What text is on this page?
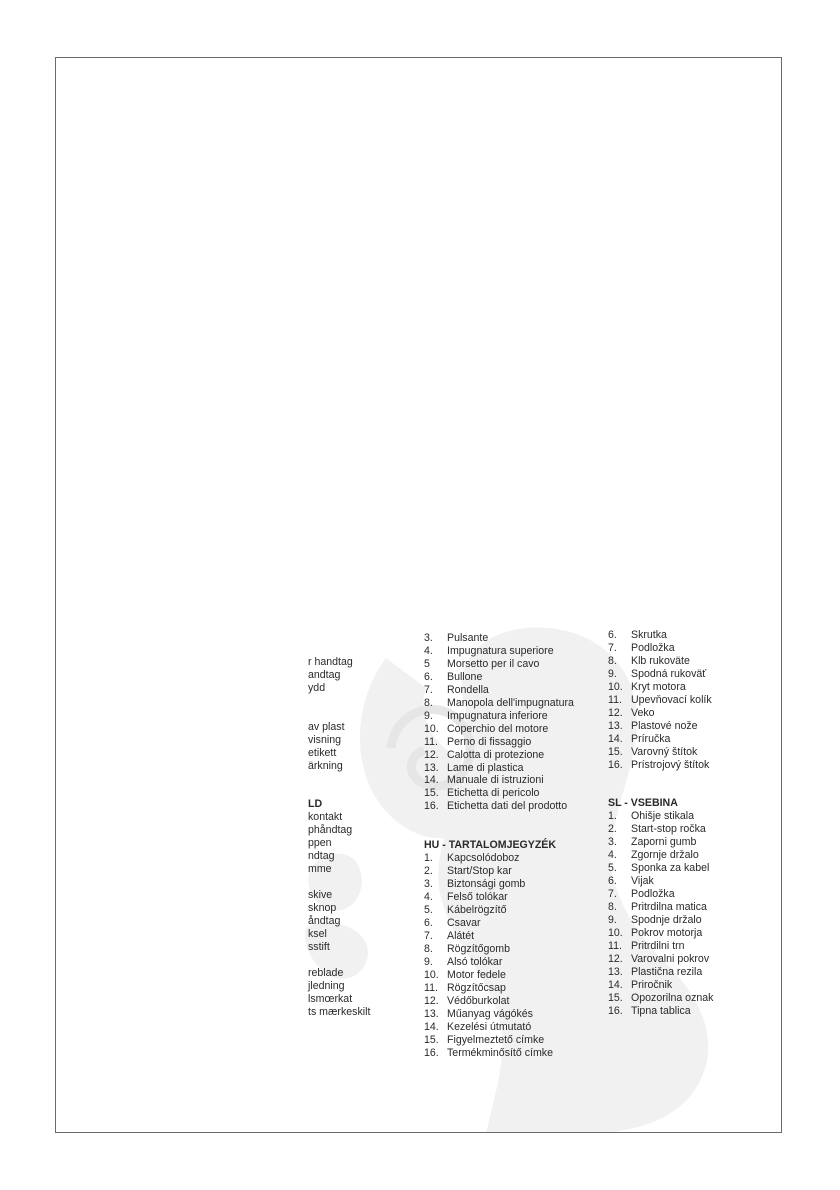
r handtag
andtag
ydd

av plast
visning
etikett
ärkning

LD
kontakt
phåndtag
ppen
ndtag
mme

skive
sknop
åndtag
ksel
sstift

reblade
jledning
lsmœrkat
ts mærkeskilt
3. Pulsante
4. Impugnatura superiore
5 Morsetto per il cavo
6. Bullone
7. Rondella
8. Manopola dell'impugnatura
9. Impugnatura inferiore
10. Coperchio del motore
11. Perno di fissaggio
12. Calotta di protezione
13. Lame di plastica
14. Manuale di istruzioni
15. Etichetta di pericolo
16. Etichetta dati del prodotto
HU - TARTALOMJEGYZÉK
1. Kapcsolódoboz
2. Start/Stop kar
3. Biztonsági gomb
4. Felső tolókar
5. Kábelrögzítő
6. Csavar
7. Alátét
8. Rögzítőgomb
9. Alsó tolókar
10. Motor fedele
11. Rögzítőcsap
12. Védőburkolat
13. Műanyag vágókés
14. Kezelési útmutató
15. Figyelmeztető címke
16. Termékminősítő címke
6. Skrutka
7. Podložka
8. Klb rukoväte
9. Spodná rukoväť
10. Kryt motora
11. Upevňovací kolík
12. Veko
13. Plastové nože
14. Príručka
15. Varovný štítok
16. Prístrojový štítok
SL - VSEBINA
1. Ohišje stikala
2. Start-stop ročka
3. Zaporni gumb
4. Zgornje držalo
5. Sponka za kabel
6. Vijak
7. Podložka
8. Pritrdilna matica
9. Spodnje držalo
10. Pokrov motorja
11. Pritrdilni trn
12. Varovalni pokrov
13. Plastična rezila
14. Priročnik
15. Opozorilna oznak
16. Tipna tablica
